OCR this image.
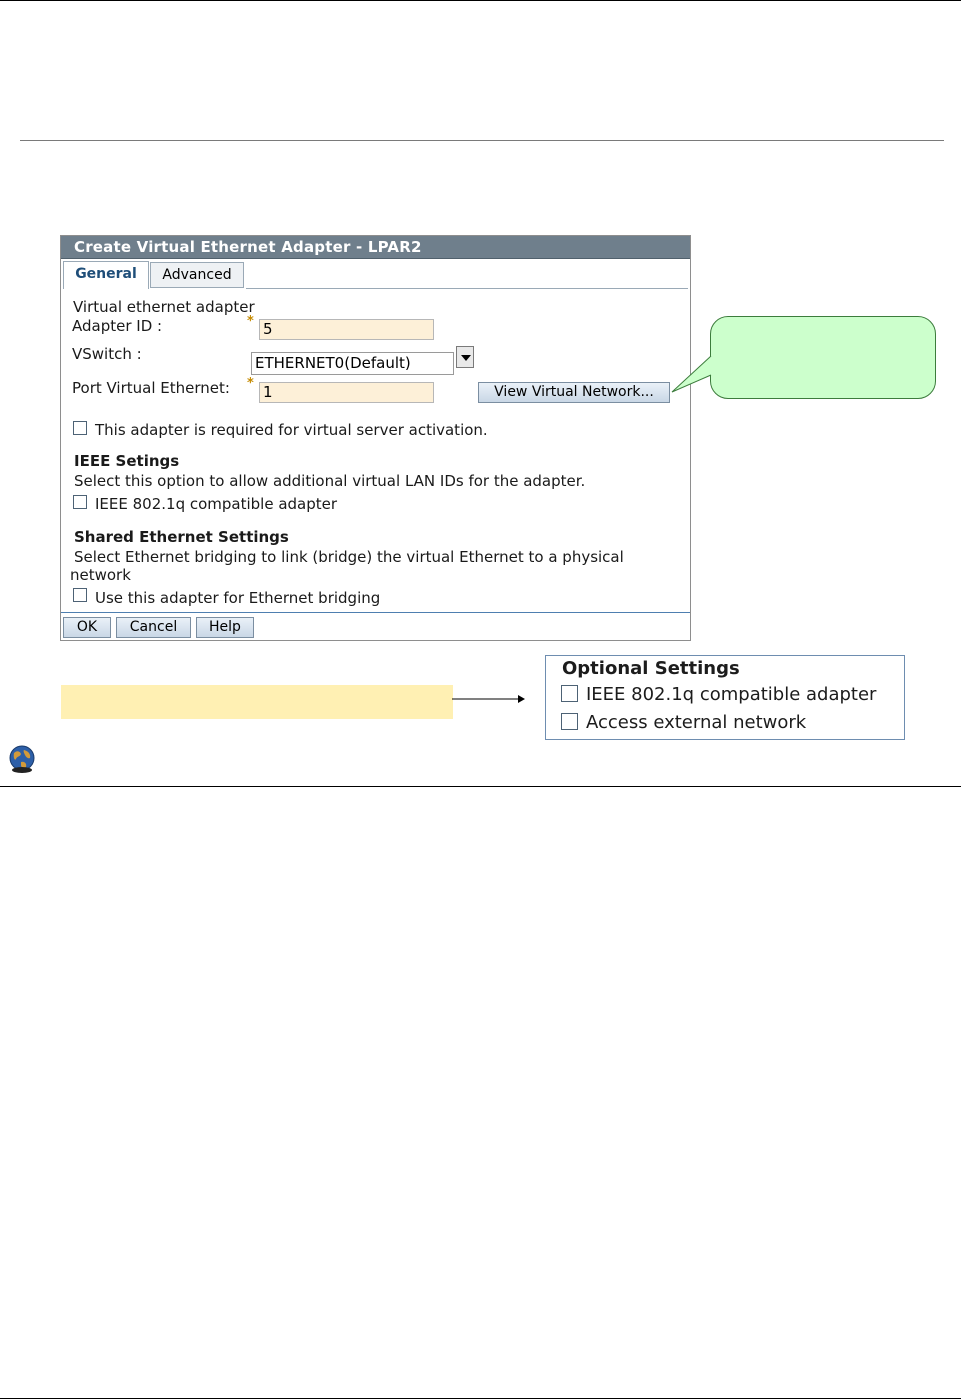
Create Virtual Ethernet Adapter - LPAR2
General	Advanced
Virtual ethernet adapter
Adapter ID :	* 5
VSwitch :	ETHERNET0(Default)
Port Virtual Ethernet: * 1	View Virtual Network...
This adapter is required for virtual server activation.
IEEE Setings
Select this option to allow additional virtual LAN IDs for the adapter.
IEEE 802.1q compatible adapter
Shared Ethernet Settings
Select Ethernet bridging to link (bridge) the virtual Ethernet to a physical
network
Use this adapter for Ethernet bridging
OK	Cancel	Help
Optional Settings
IEEE 802.1q compatible adapter
Access external network
